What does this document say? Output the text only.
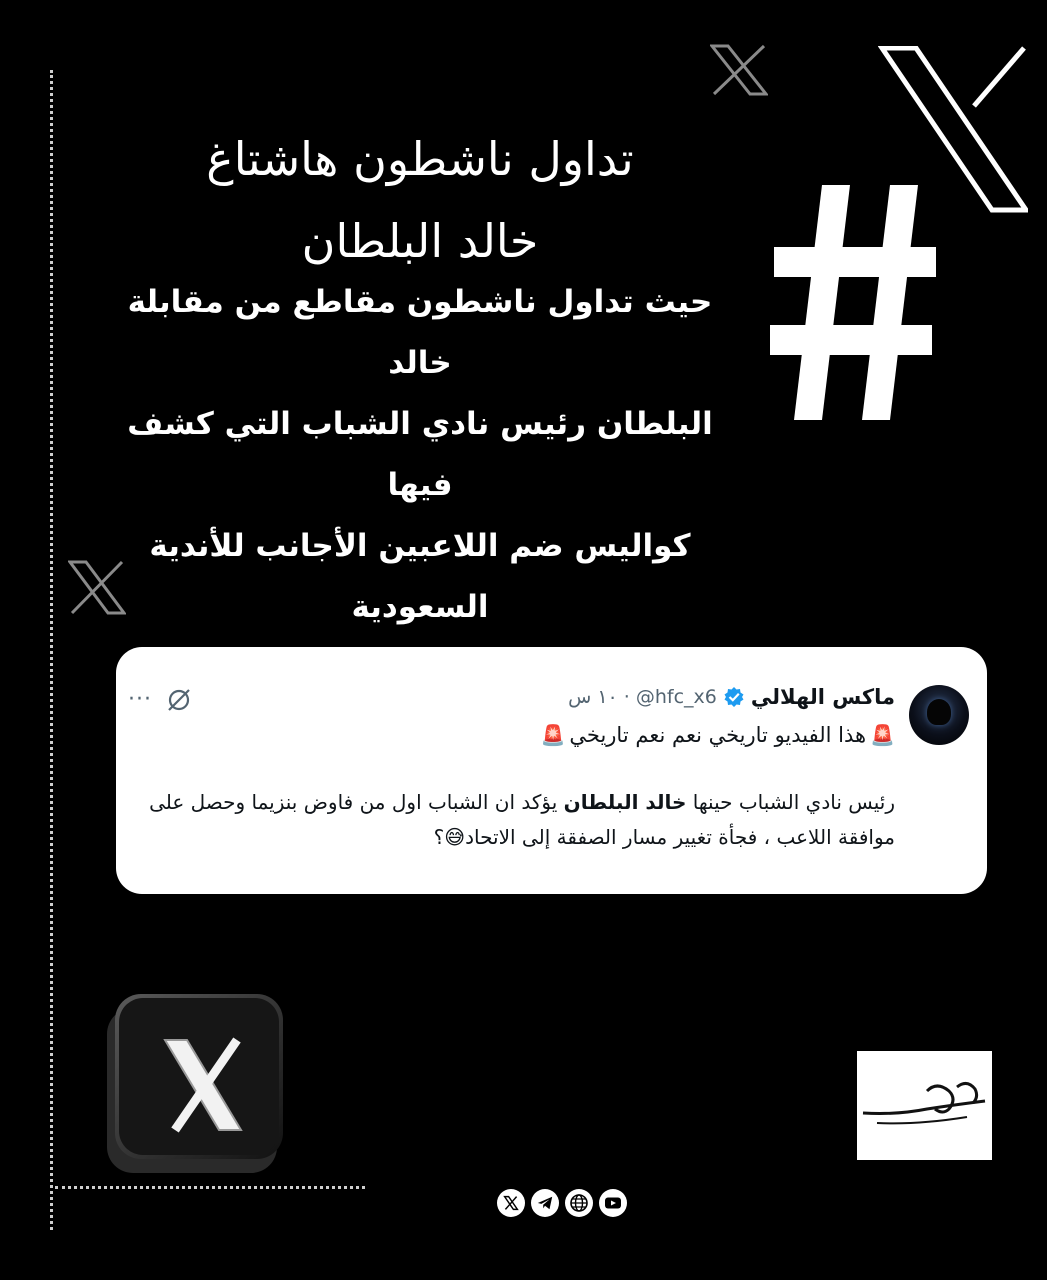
تداول ناشطون هاشتاغ
خالد البلطان
حيث تداول ناشطون مقاطع من مقابلة خالد
البلطان رئيس نادي الشباب التي كشف فيها
كواليس ضم اللاعبين الأجانب للأندية
السعودية
ماكس الهلالي
@hfc_x6
١٠ س ·
🚨
هذا الفيديو تاريخي نعم نعم تاريخي
🚨
رئيس نادي الشباب حينها خالد البلطان يؤكد ان الشباب اول من فاوض بنزيما وحصل على موافقة اللاعب ، فجأة تغيير مسار الصفقة إلى الاتحاد😅؟
···
